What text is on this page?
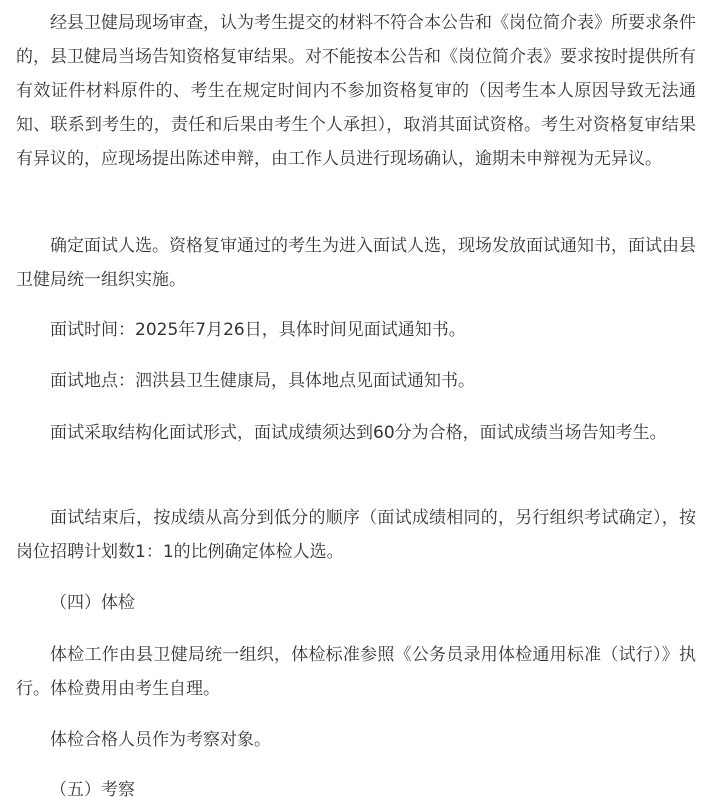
经县卫健局现场审查，认为考生提交的材料不符合本公告和《岗位简介表》所要求条件的，县卫健局当场告知资格复审结果。对不能按本公告和《岗位简介表》要求按时提供所有有效证件材料原件的、考生在规定时间内不参加资格复审的（因考生本人原因导致无法通知、联系到考生的，责任和后果由考生个人承担），取消其面试资格。考生对资格复审结果有异议的，应现场提出陈述申辩，由工作人员进行现场确认，逾期未申辩视为无异议。

确定面试人选。资格复审通过的考生为进入面试人选，现场发放面试通知书，面试由县卫健局统一组织实施。

面试时间：2025年7月26日，具体时间见面试通知书。

面试地点：泗洪县卫生健康局，具体地点见面试通知书。

面试采取结构化面试形式，面试成绩须达到60分为合格，面试成绩当场告知考生。

面试结束后，按成绩从高分到低分的顺序（面试成绩相同的，另行组织考试确定），按岗位招聘计划数1：1的比例确定体检人选。

（四）体检

体检工作由县卫健局统一组织，体检标准参照《公务员录用体检通用标准（试行）》执行。体检费用由考生自理。

体检合格人员作为考察对象。

（五）考察
